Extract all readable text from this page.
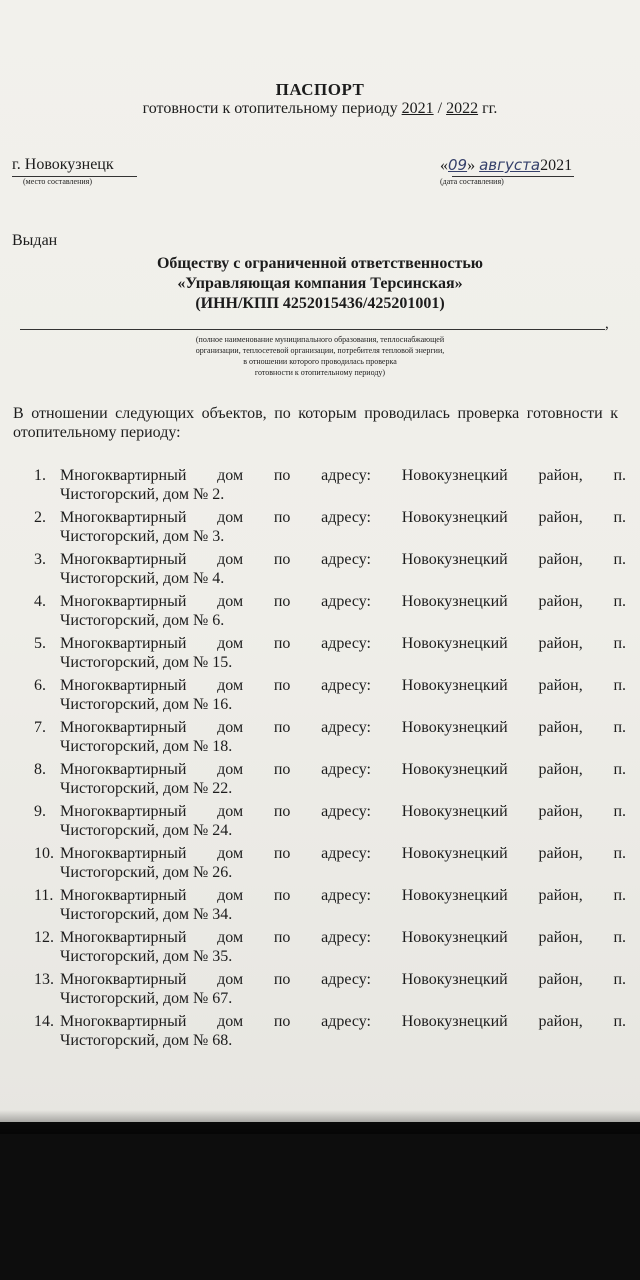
ПАСПОРТ
готовности к отопительному периоду 2021 / 2022 гг.
г. Новокузнецк
(место составления)
«09» августа2021
(дата составления)
Выдан
Обществу с ограниченной ответственностью
«Управляющая компания Терсинская»
(ИНН/КПП 4252015436/425201001)
,
(полное наименование муниципального образования, теплоснабжающей
организации, теплосетевой организации, потребителя тепловой энергии,
в отношении которого проводилась проверка
готовности к отопительному периоду)
В отношении следующих объектов, по которым проводилась проверка готовности к отопительному периоду:
1. Многоквартирный дом по адресу: Новокузнецкий район, п.
Чистогорский, дом № 2.
2. Многоквартирный дом по адресу: Новокузнецкий район, п.
Чистогорский, дом № 3.
3. Многоквартирный дом по адресу: Новокузнецкий район, п.
Чистогорский, дом № 4.
4. Многоквартирный дом по адресу: Новокузнецкий район, п.
Чистогорский, дом № 6.
5. Многоквартирный дом по адресу: Новокузнецкий район, п.
Чистогорский, дом № 15.
6. Многоквартирный дом по адресу: Новокузнецкий район, п.
Чистогорский, дом № 16.
7. Многоквартирный дом по адресу: Новокузнецкий район, п.
Чистогорский, дом № 18.
8. Многоквартирный дом по адресу: Новокузнецкий район, п.
Чистогорский, дом № 22.
9. Многоквартирный дом по адресу: Новокузнецкий район, п.
Чистогорский, дом № 24.
10. Многоквартирный дом по адресу: Новокузнецкий район, п.
Чистогорский, дом № 26.
11. Многоквартирный дом по адресу: Новокузнецкий район, п.
Чистогорский, дом № 34.
12. Многоквартирный дом по адресу: Новокузнецкий район, п.
Чистогорский, дом № 35.
13. Многоквартирный дом по адресу: Новокузнецкий район, п.
Чистогорский, дом № 67.
14. Многоквартирный дом по адресу: Новокузнецкий район, п.
Чистогорский, дом № 68.
